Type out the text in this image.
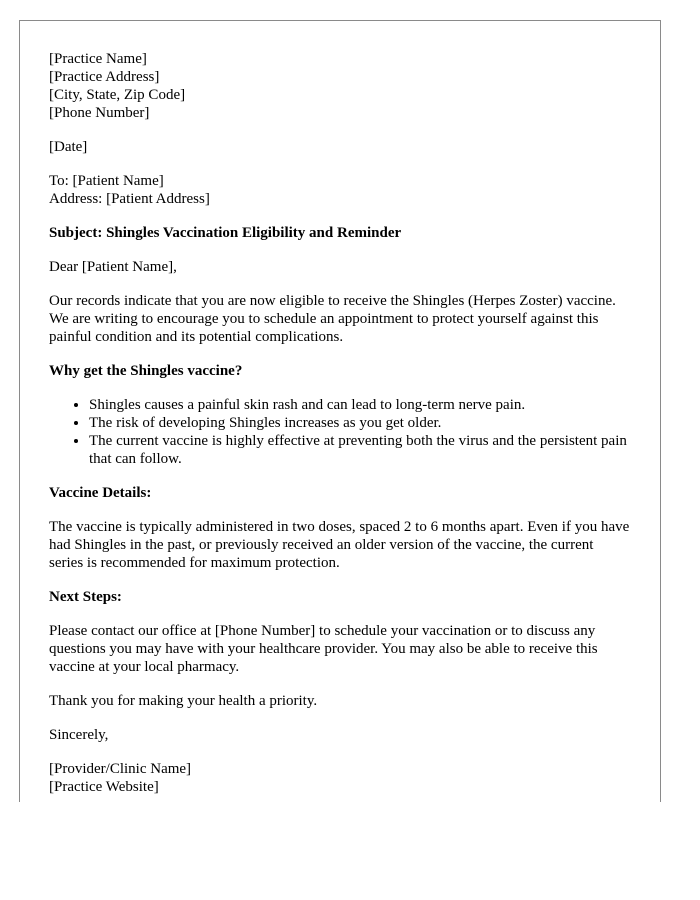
[Practice Name]
[Practice Address]
[City, State, Zip Code]
[Phone Number]
[Date]
To: [Patient Name]
Address: [Patient Address]
Subject: Shingles Vaccination Eligibility and Reminder

Dear [Patient Name],

Our records indicate that you are now eligible to receive the Shingles (Herpes Zoster) vaccine. We are writing to encourage you to schedule an appointment to protect yourself against this painful condition and its potential complications.

Why get the Shingles vaccine?

• Shingles causes a painful skin rash and can lead to long-term nerve pain.
• The risk of developing Shingles increases as you get older.
• The current vaccine is highly effective at preventing both the virus and the persistent pain that can follow.

Vaccine Details:

The vaccine is typically administered in two doses, spaced 2 to 6 months apart. Even if you have had Shingles in the past, or previously received an older version of the vaccine, the current series is recommended for maximum protection.

Next Steps:

Please contact our office at [Phone Number] to schedule your vaccination or to discuss any questions you may have with your healthcare provider. You may also be able to receive this vaccine at your local pharmacy.

Thank you for making your health a priority.

Sincerely,

[Provider/Clinic Name]
[Practice Website]
